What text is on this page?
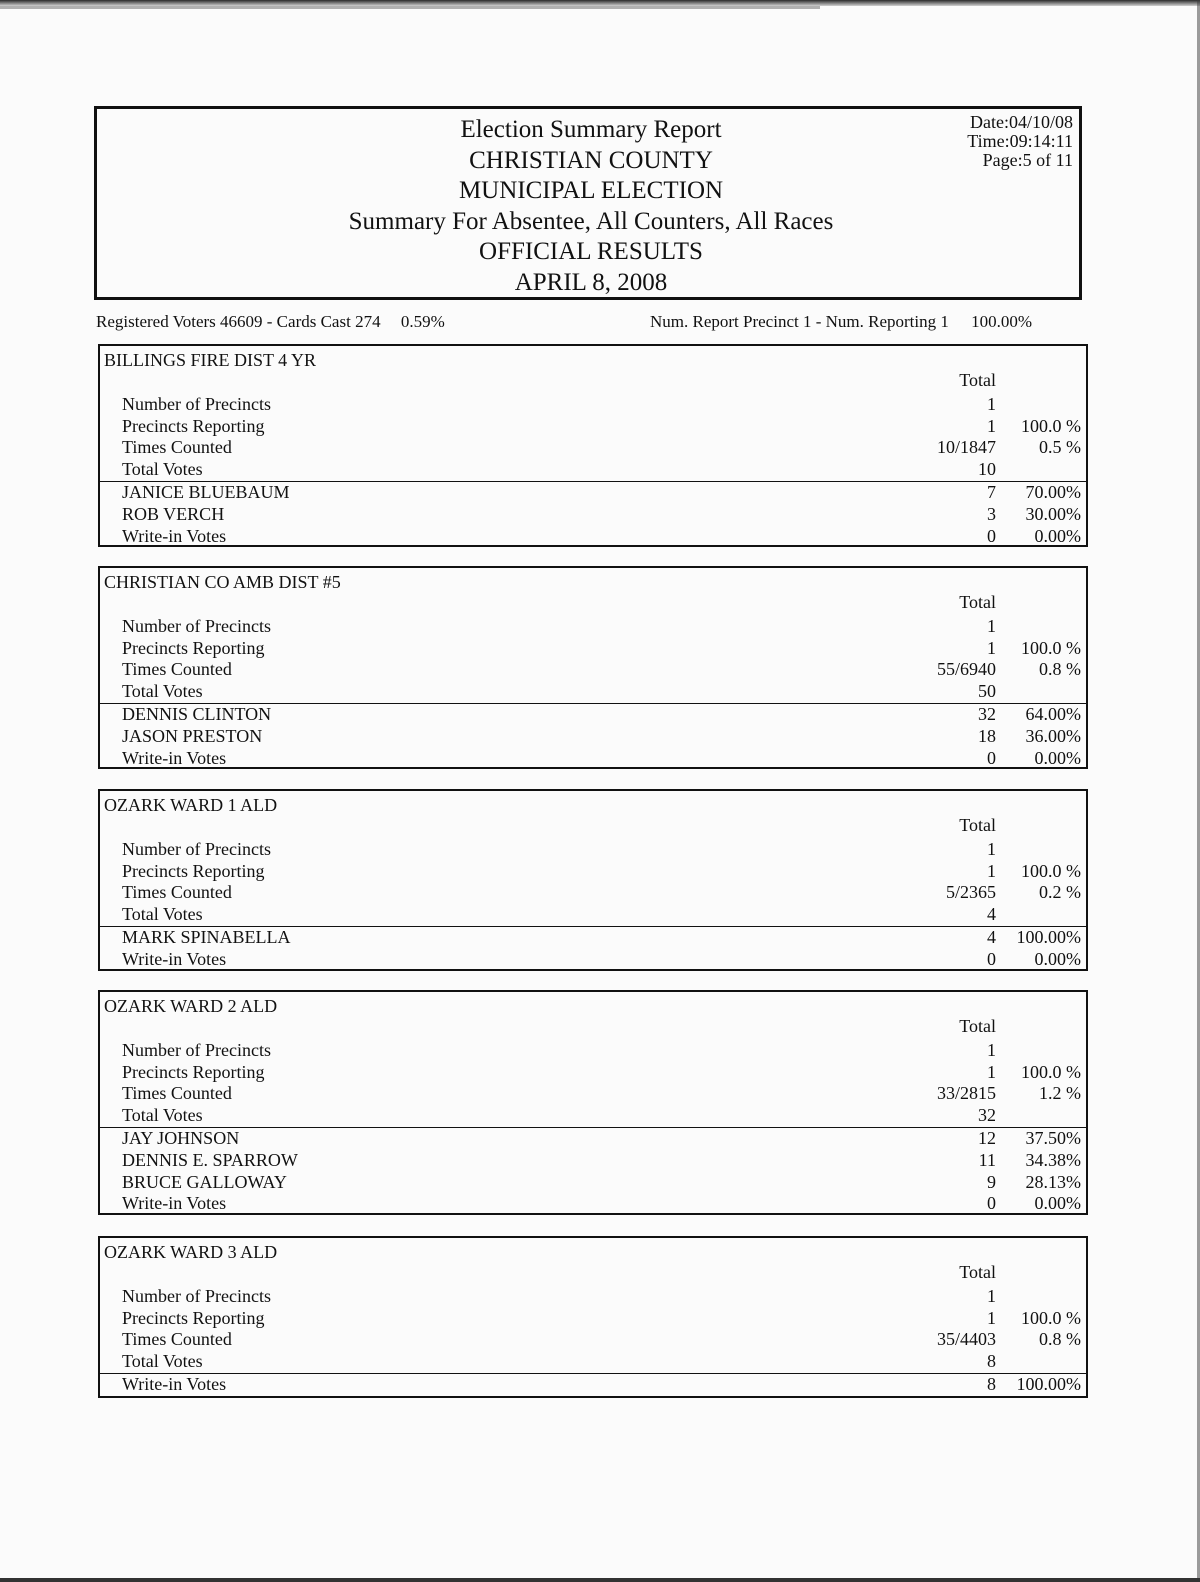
Election Summary Report
CHRISTIAN COUNTY
MUNICIPAL ELECTION
Summary For Absentee, All Counters, All Races
OFFICIAL RESULTS
APRIL 8, 2008
Date:04/10/08
Time:09:14:11
Page:5 of 11
Registered Voters 46609 - Cards Cast 274 0.59%	Num. Report Precinct 1 - Num. Reporting 1 100.00%
BILLINGS FIRE DIST 4 YR
Total
Number of Precincts	1
Precincts Reporting	1 100.0 %
Times Counted	10/1847 0.5 %
Total Votes	10
JANICE BLUEBAUM	7 70.00%
ROB VERCH	3 30.00%
Write-in Votes	0 0.00%
CHRISTIAN CO AMB DIST #5
Total
Number of Precincts	1
Precincts Reporting	1 100.0 %
Times Counted	55/6940 0.8 %
Total Votes	50
DENNIS CLINTON	32 64.00%
JASON PRESTON	18 36.00%
Write-in Votes	0 0.00%
OZARK WARD 1 ALD
Total
Number of Precincts	1
Precincts Reporting	1 100.0 %
Times Counted	5/2365 0.2 %
Total Votes	4
MARK SPINABELLA	4 100.00%
Write-in Votes	0 0.00%
OZARK WARD 2 ALD
Total
Number of Precincts	1
Precincts Reporting	1 100.0 %
Times Counted	33/2815 1.2 %
Total Votes	32
JAY JOHNSON	12 37.50%
DENNIS E. SPARROW	11 34.38%
BRUCE GALLOWAY	9 28.13%
Write-in Votes	0 0.00%
OZARK WARD 3 ALD
Total
Number of Precincts	1
Precincts Reporting	1 100.0 %
Times Counted	35/4403 0.8 %
Total Votes	8
Write-in Votes	8 100.00%
